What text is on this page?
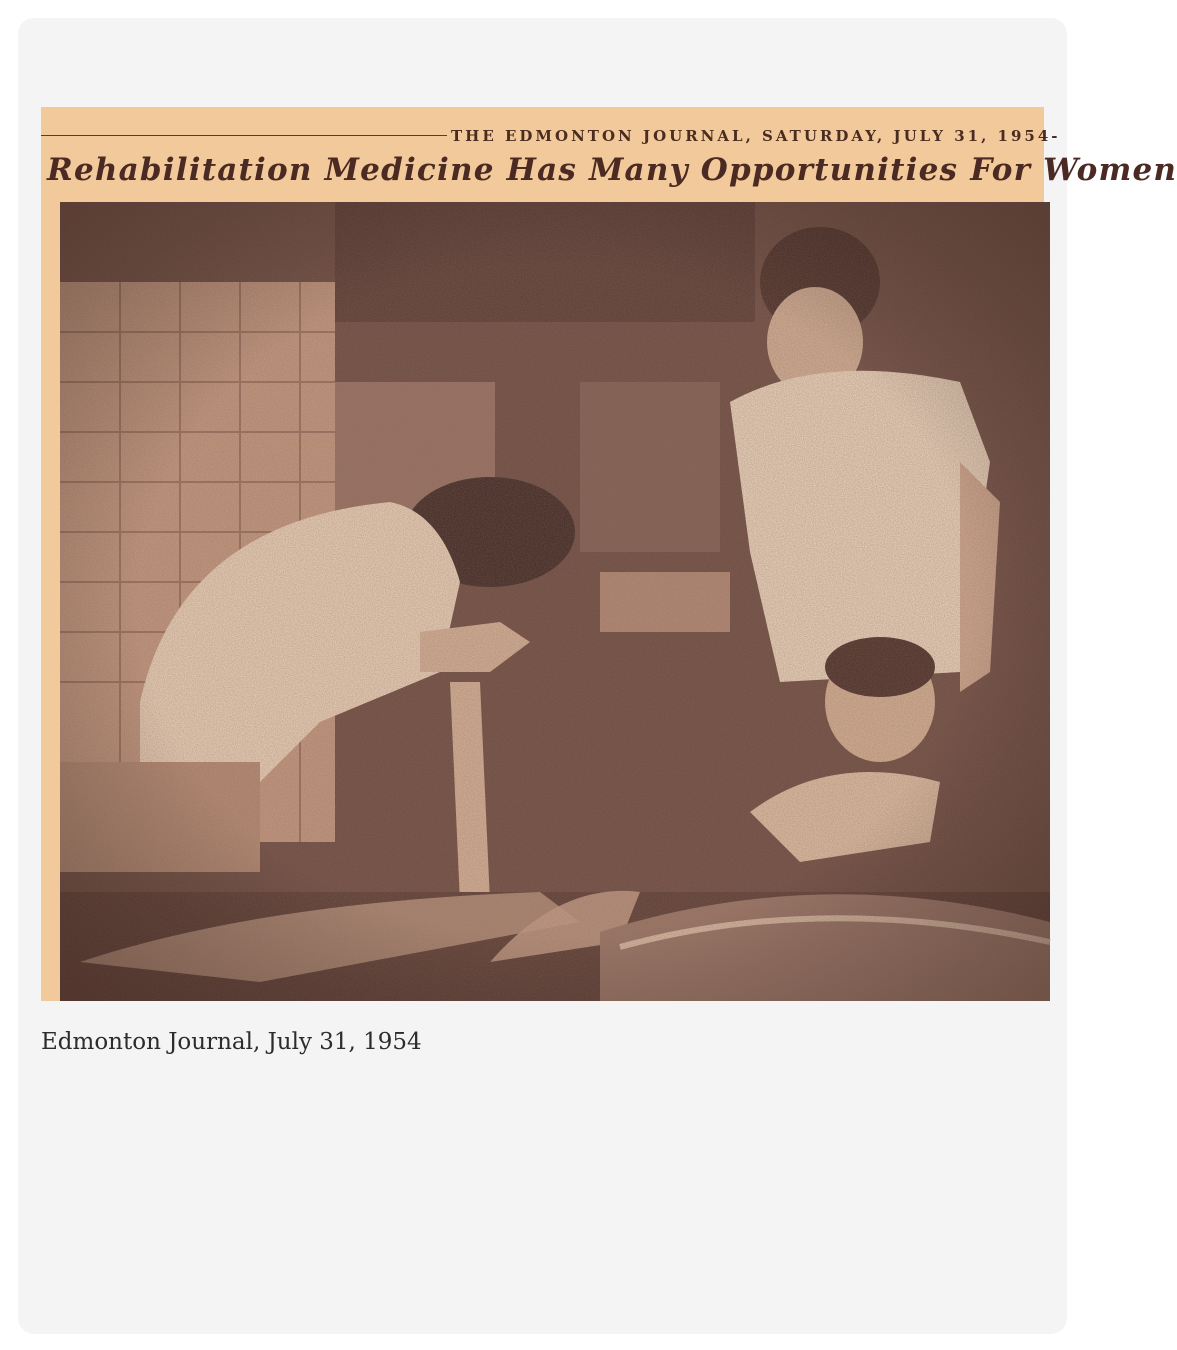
THE EDMONTON JOURNAL, SATURDAY, JULY 31, 1954-
Rehabilitation Medicine Has Many Opportunities For Women
Edmonton Journal, July 31, 1954
